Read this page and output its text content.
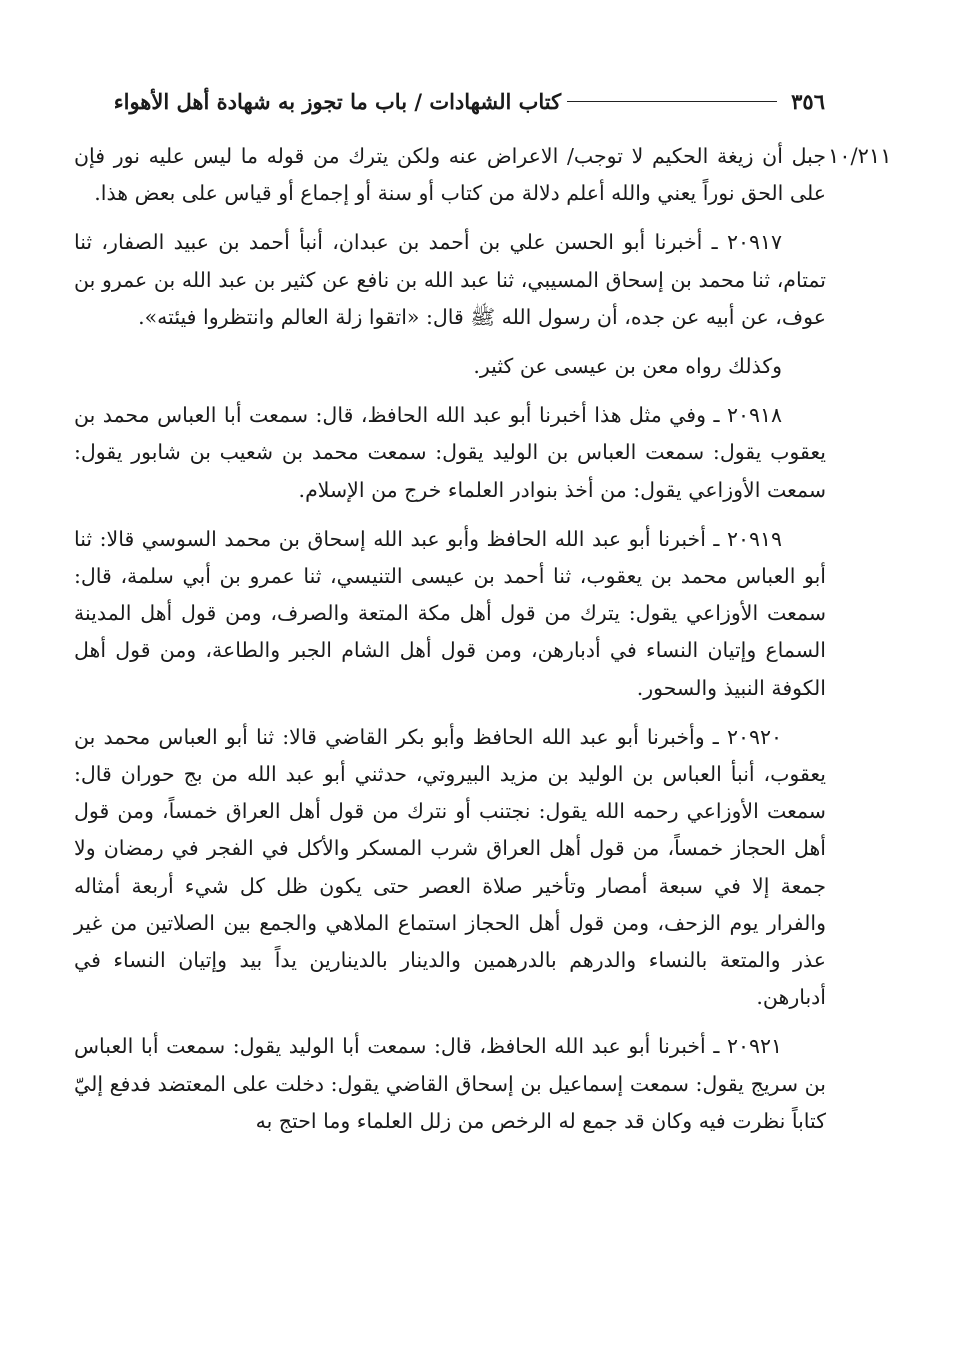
٣٥٦
كتاب الشهادات / باب ما تجوز به شهادة أهل الأهواء
١٠/٢١١

جبل أن زيغة الحكيم لا توجب/ الاعراض عنه ولكن يترك من قوله ما ليس عليه نور فإن على الحق نوراً يعني والله أعلم دلالة من كتاب أو سنة أو إجماع أو قياس على بعض هذا.

٢٠٩١٧ ـ أخبرنا أبو الحسن علي بن أحمد بن عبدان، أنبأ أحمد بن عبيد الصفار، ثنا تمتام، ثنا محمد بن إسحاق المسيبي، ثنا عبد الله بن نافع عن كثير بن عبد الله بن عمرو بن عوف، عن أبيه عن جده، أن رسول الله ﷺ قال: «اتقوا زلة العالم وانتظروا فيئته».

وكذلك رواه معن بن عيسى عن كثير.

٢٠٩١٨ ـ وفي مثل هذا أخبرنا أبو عبد الله الحافظ، قال: سمعت أبا العباس محمد بن يعقوب يقول: سمعت العباس بن الوليد يقول: سمعت محمد بن شعيب بن شابور يقول: سمعت الأوزاعي يقول: من أخذ بنوادر العلماء خرج من الإسلام.

٢٠٩١٩ ـ أخبرنا أبو عبد الله الحافظ وأبو عبد الله إسحاق بن محمد السوسي قالا: ثنا أبو العباس محمد بن يعقوب، ثنا أحمد بن عيسى التنيسي، ثنا عمرو بن أبي سلمة، قال: سمعت الأوزاعي يقول: يترك من قول أهل مكة المتعة والصرف، ومن قول أهل المدينة السماع وإتيان النساء في أدبارهن، ومن قول أهل الشام الجبر والطاعة، ومن قول أهل الكوفة النبيذ والسحور.

٢٠٩٢٠ ـ وأخبرنا أبو عبد الله الحافظ وأبو بكر القاضي قالا: ثنا أبو العباس محمد بن يعقوب، أنبأ العباس بن الوليد بن مزيد البيروتي، حدثني أبو عبد الله من بج حوران قال: سمعت الأوزاعي رحمه الله يقول: نجتنب أو نترك من قول أهل العراق خمساً، ومن قول أهل الحجاز خمساً، من قول أهل العراق شرب المسكر والأكل في الفجر في رمضان ولا جمعة إلا في سبعة أمصار وتأخير صلاة العصر حتى يكون ظل كل شيء أربعة أمثاله والفرار يوم الزحف، ومن قول أهل الحجاز استماع الملاهي والجمع بين الصلاتين من غير عذر والمتعة بالنساء والدرهم بالدرهمين والدينار بالدينارين يداً بيد وإتيان النساء في أدبارهن.

٢٠٩٢١ ـ أخبرنا أبو عبد الله الحافظ، قال: سمعت أبا الوليد يقول: سمعت أبا العباس بن سريج يقول: سمعت إسماعيل بن إسحاق القاضي يقول: دخلت على المعتضد فدفع إليّ كتاباً نظرت فيه وكان قد جمع له الرخص من زلل العلماء وما احتج به
